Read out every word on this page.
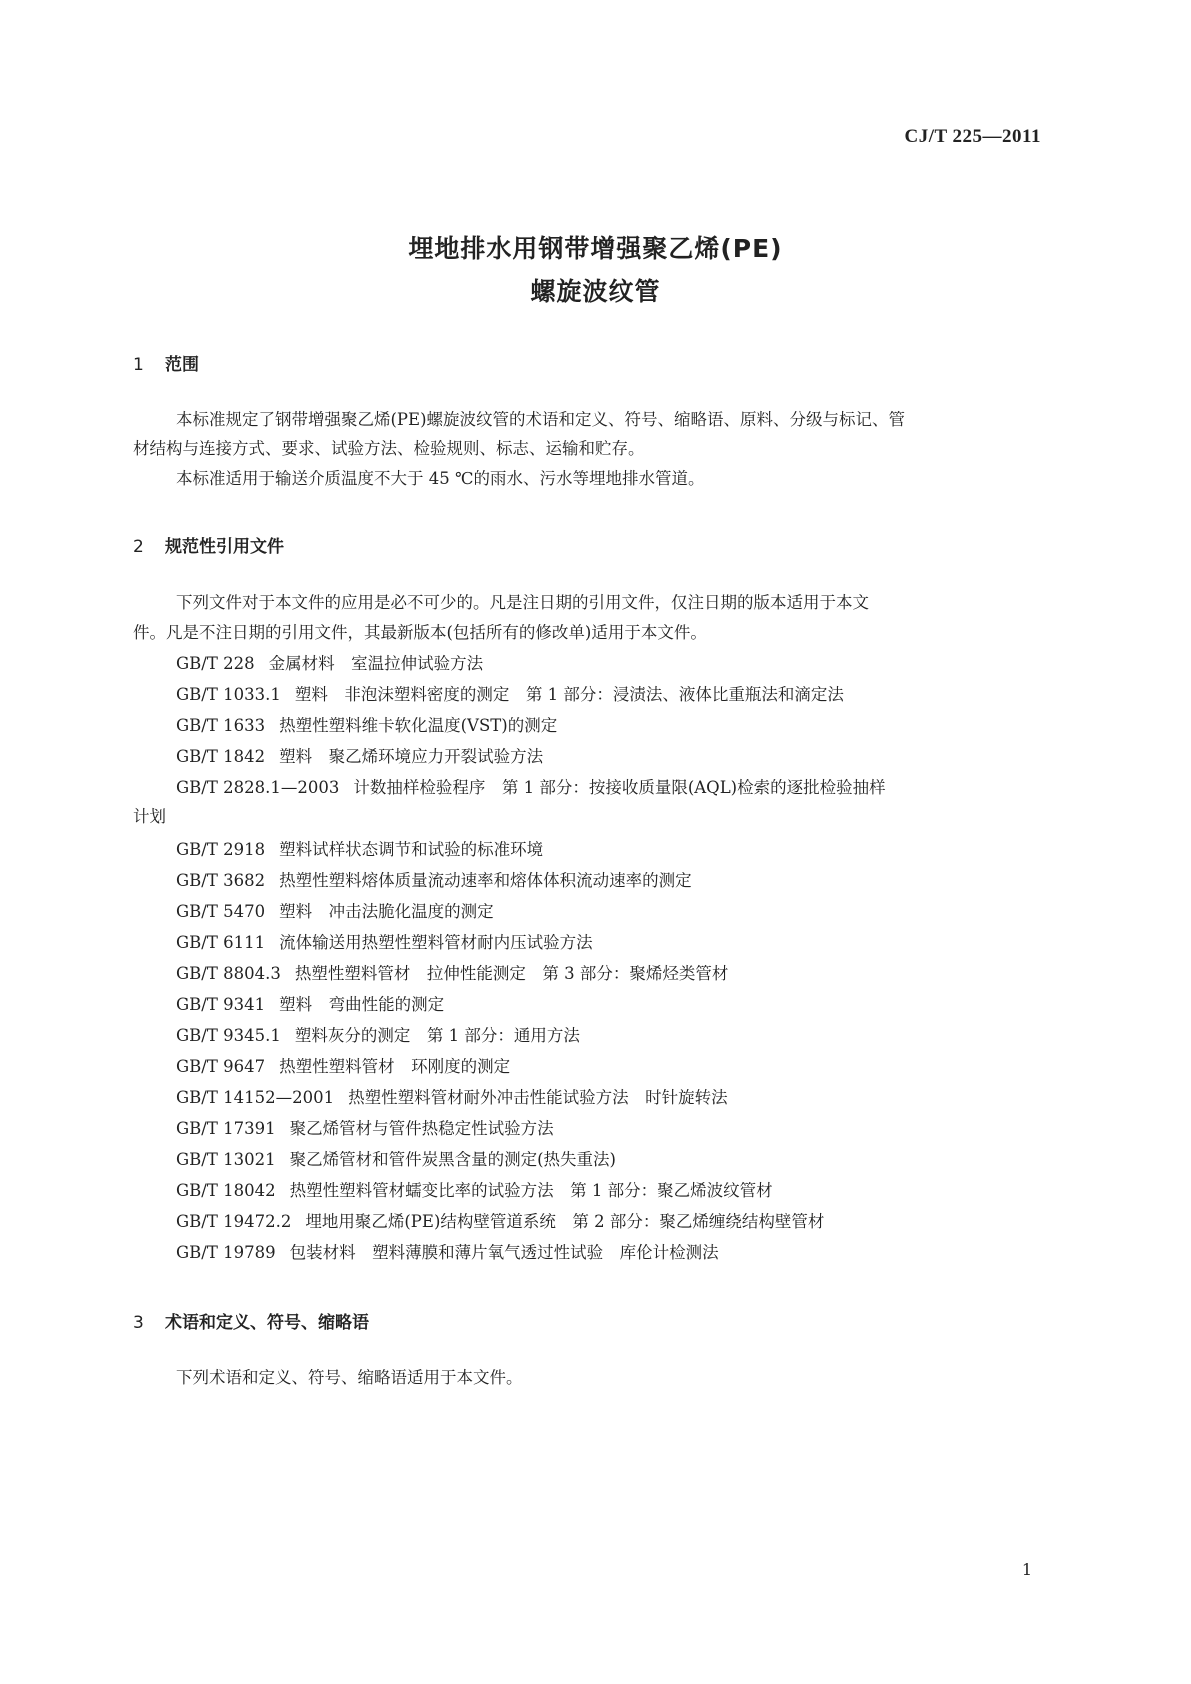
CJ/T 225—2011
埋地排水用钢带增强聚乙烯(PE)
螺旋波纹管
1 范围
本标准规定了钢带增强聚乙烯(PE)螺旋波纹管的术语和定义、符号、缩略语、原料、分级与标记、管
材结构与连接方式、要求、试验方法、检验规则、标志、运输和贮存。
本标准适用于输送介质温度不大于 45 ℃的雨水、污水等埋地排水管道。
2 规范性引用文件
下列文件对于本文件的应用是必不可少的。凡是注日期的引用文件，仅注日期的版本适用于本文
件。凡是不注日期的引用文件，其最新版本(包括所有的修改单)适用于本文件。
GB/T 228 金属材料　室温拉伸试验方法
GB/T 1033.1 塑料　非泡沫塑料密度的测定　第 1 部分：浸渍法、液体比重瓶法和滴定法
GB/T 1633 热塑性塑料维卡软化温度(VST)的测定
GB/T 1842 塑料　聚乙烯环境应力开裂试验方法
GB/T 2828.1—2003 计数抽样检验程序　第 1 部分：按接收质量限(AQL)检索的逐批检验抽样
计划
GB/T 2918 塑料试样状态调节和试验的标准环境
GB/T 3682 热塑性塑料熔体质量流动速率和熔体体积流动速率的测定
GB/T 5470 塑料　冲击法脆化温度的测定
GB/T 6111 流体输送用热塑性塑料管材耐内压试验方法
GB/T 8804.3 热塑性塑料管材　拉伸性能测定　第 3 部分：聚烯烃类管材
GB/T 9341 塑料　弯曲性能的测定
GB/T 9345.1 塑料灰分的测定　第 1 部分：通用方法
GB/T 9647 热塑性塑料管材　环刚度的测定
GB/T 14152—2001 热塑性塑料管材耐外冲击性能试验方法　时针旋转法
GB/T 17391 聚乙烯管材与管件热稳定性试验方法
GB/T 13021 聚乙烯管材和管件炭黑含量的测定(热失重法)
GB/T 18042 热塑性塑料管材蠕变比率的试验方法　第 1 部分：聚乙烯波纹管材
GB/T 19472.2 埋地用聚乙烯(PE)结构壁管道系统　第 2 部分：聚乙烯缠绕结构壁管材
GB/T 19789 包装材料　塑料薄膜和薄片氧气透过性试验　库伦计检测法
3 术语和定义、符号、缩略语
下列术语和定义、符号、缩略语适用于本文件。
1
